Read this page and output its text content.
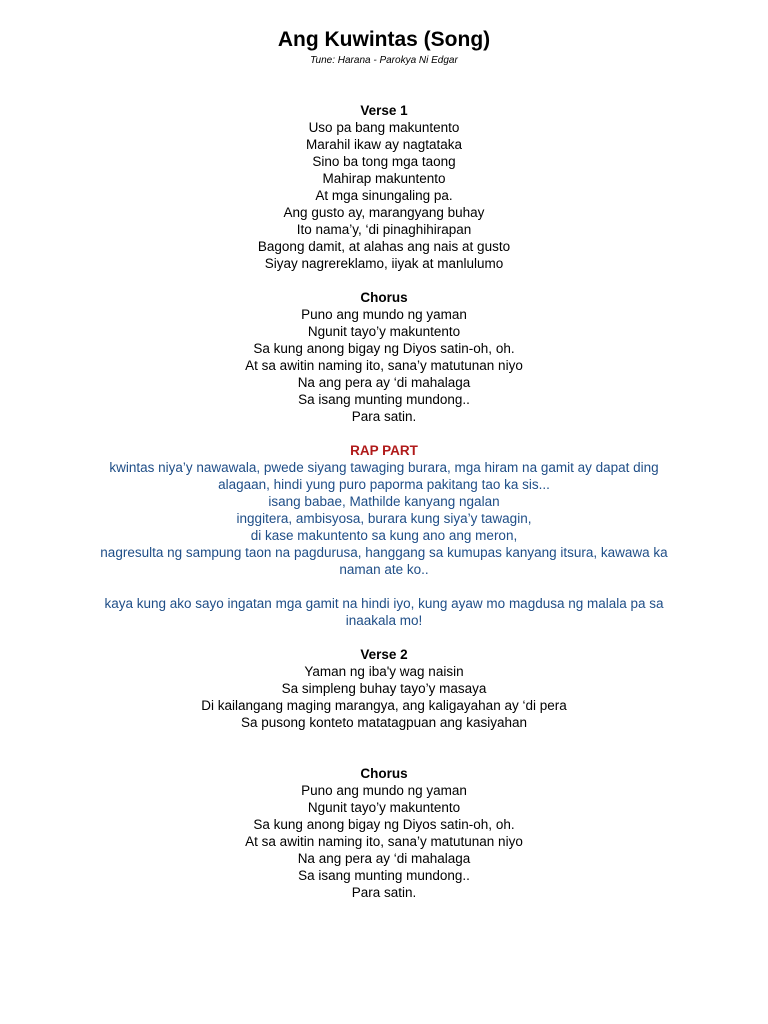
Ang Kuwintas (Song)
Tune: Harana - Parokya Ni Edgar
Verse 1
Uso pa bang makuntento
Marahil ikaw ay nagtataka
Sino ba tong mga taong
Mahirap makuntento
At mga sinungaling pa.
Ang gusto ay, marangyang buhay
Ito nama’y, ‘di pinaghihirapan
Bagong damit, at alahas ang nais at gusto
Siyay nagrereklamo, iiyak at manlulumo
Chorus
Puno ang mundo ng yaman
Ngunit tayo’y makuntento
Sa kung anong bigay ng Diyos satin-oh, oh.
At sa awitin naming ito, sana’y matutunan niyo
Na ang pera ay ‘di mahalaga
Sa isang munting mundong..
Para satin.
RAP PART
kwintas niya’y nawawala, pwede siyang tawaging burara, mga hiram na gamit ay dapat ding alagaan, hindi yung puro paporma pakitang tao ka sis...
isang babae, Mathilde kanyang ngalan
inggitera, ambisyosa, burara kung siya’y tawagin,
di kase makuntento sa kung ano ang meron,
nagresulta ng sampung taon na pagdurusa, hanggang sa kumupas kanyang itsura, kawawa ka naman ate ko..
kaya kung ako sayo ingatan mga gamit na hindi iyo, kung ayaw mo magdusa ng malala pa sa inaakala mo!
Verse 2
Yaman ng iba'y wag naisin
Sa simpleng buhay tayo’y masaya
Di kailangang maging marangya, ang kaligayahan ay ‘di pera
Sa pusong konteto matatagpuan ang kasiyahan
Chorus
Puno ang mundo ng yaman
Ngunit tayo’y makuntento
Sa kung anong bigay ng Diyos satin-oh, oh.
At sa awitin naming ito, sana’y matutunan niyo
Na ang pera ay ‘di mahalaga
Sa isang munting mundong..
Para satin.
